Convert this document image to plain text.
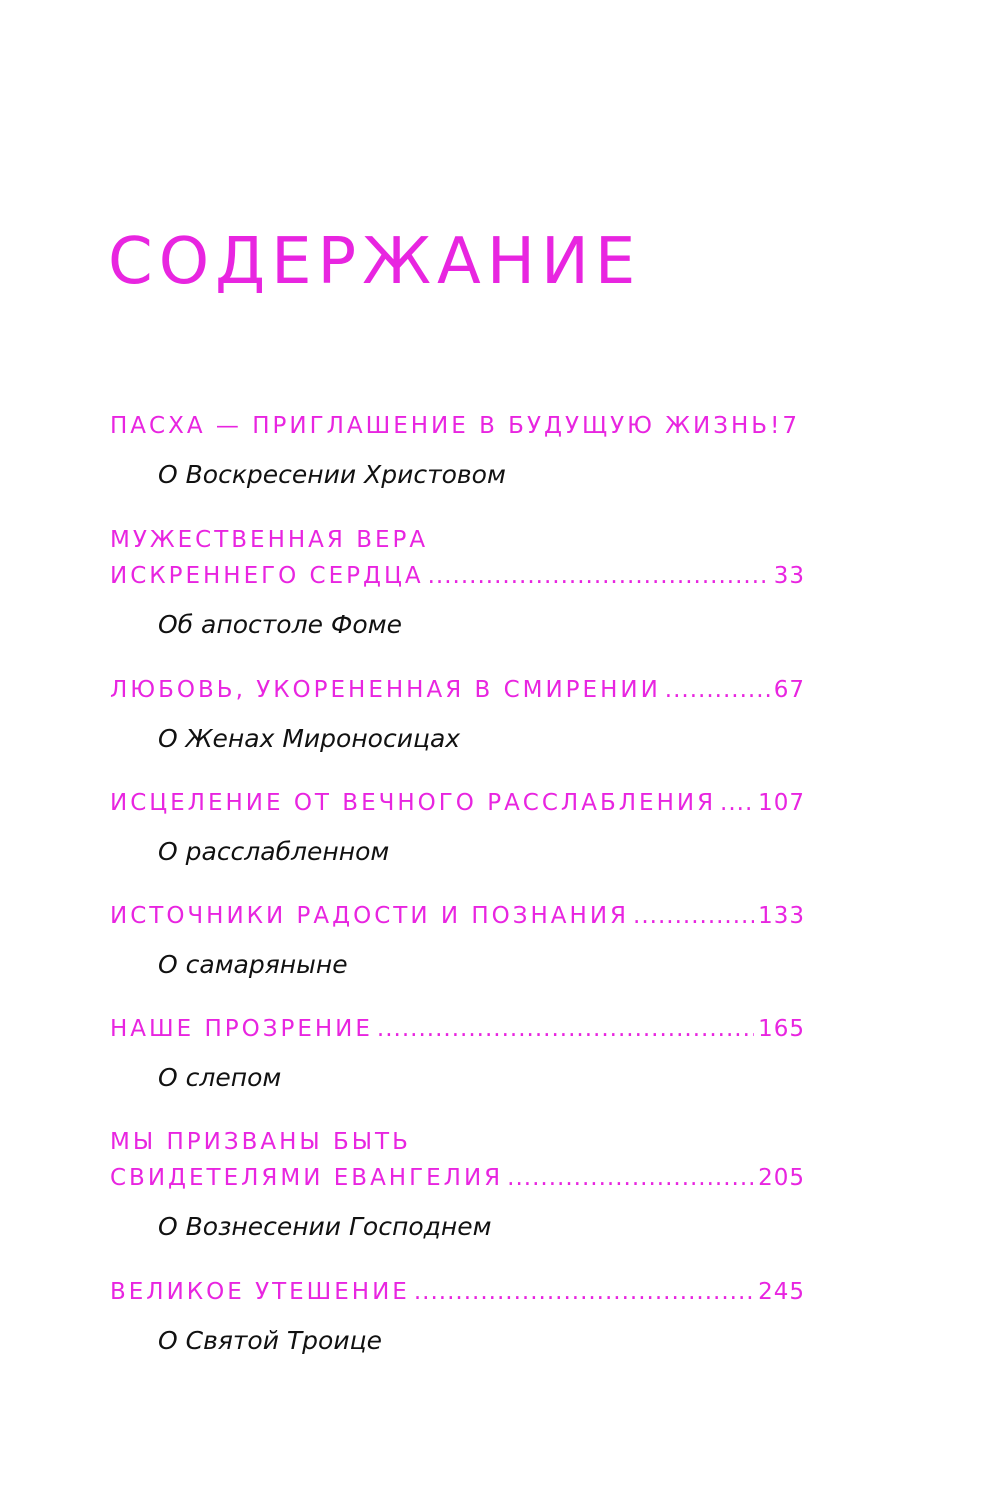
СОДЕРЖАНИЕ
ПАСХА — ПРИГЛАШЕНИЕ В БУДУЩУЮ ЖИЗНЬ! 7
О Воскресении Христовом
МУЖЕСТВЕННАЯ ВЕРА
ИСКРЕННЕГО СЕРДЦА .....	33
Об апостоле Фоме
ЛЮБОВЬ, УКОРЕНЕННАЯ В СМИРЕНИИ .....	67
О Женах Мироносицах
ИСЦЕЛЕНИЕ ОТ ВЕЧНОГО РАССЛАБЛЕНИЯ ..... 107
О расслабленном
ИСТОЧНИКИ РАДОСТИ И ПОЗНАНИЯ .....	133
О самаряныне
НАШЕ ПРОЗРЕНИЕ .....	165
О слепом
МЫ ПРИЗВАНЫ БЫТЬ
СВИДЕТЕЛЯМИ ЕВАНГЕЛИЯ .....	205
О Вознесении Господнем
ВЕЛИКОЕ УТЕШЕНИЕ .....	245
О Святой Троице
